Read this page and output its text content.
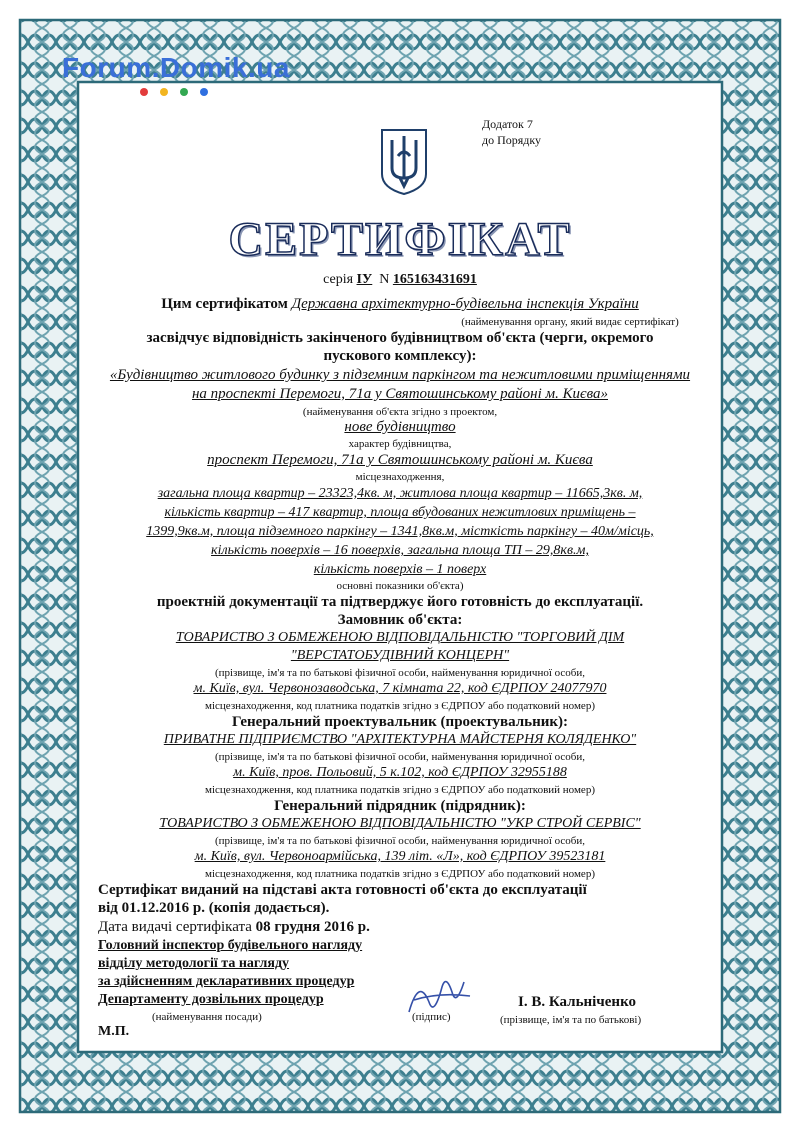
Forum.Domik.ua
Додаток 7
до Порядку
СЕРТИФІКАТ
серія ІУ N 165163431691
Цим сертифікатом Державна архітектурно-будівельна інспекція України
(найменування органу, який видає сертифікат)
засвідчує відповідність закінченого будівництвом об'єкта (черги, окремого
пускового комплексу):
«Будівництво житлового будинку з підземним паркінгом та нежитловими приміщеннями
на проспекті Перемоги, 71а у Святошинському районі м. Києва»
(найменування об'єкта згідно з проектом,
нове будівництво
характер будівництва,
проспект Перемоги, 71а у Святошинському районі м. Києва
місцезнаходження,
загальна площа квартир – 23323,4кв. м, житлова площа квартир – 11665,3кв. м,
кількість квартир – 417 квартир, площа вбудованих нежитлових приміщень –
1399,9кв.м, площа підземного паркінгу – 1341,8кв.м, місткість паркінгу – 40м/місць,
кількість поверхів – 16 поверхів, загальна площа ТП – 29,8кв.м,
кількість поверхів – 1 поверх
основні показники об'єкта)
проектній документації та підтверджує його готовність до експлуатації.
Замовник об'єкта:
ТОВАРИСТВО З ОБМЕЖЕНОЮ ВІДПОВІДАЛЬНІСТЮ "ТОРГОВИЙ ДІМ
"ВЕРСТАТОБУДІВНИЙ КОНЦЕРН"
(прізвище, ім'я та по батькові фізичної особи, найменування юридичної особи,
м. Київ, вул. Червонозаводська, 7 кімната 22, код ЄДРПОУ 24077970
місцезнаходження, код платника податків згідно з ЄДРПОУ або податковий номер)
Генеральний проектувальник (проектувальник):
ПРИВАТНЕ ПІДПРИЄМСТВО "АРХІТЕКТУРНА МАЙСТЕРНЯ КОЛЯДЕНКО"
(прізвище, ім'я та по батькові фізичної особи, найменування юридичної особи,
м. Київ, пров. Польовий, 5 к.102, код ЄДРПОУ 32955188
місцезнаходження, код платника податків згідно з ЄДРПОУ або податковий номер)
Генеральний підрядник (підрядник):
ТОВАРИСТВО З ОБМЕЖЕНОЮ ВІДПОВІДАЛЬНІСТЮ "УКР СТРОЙ СЕРВІС"
(прізвище, ім'я та по батькові фізичної особи, найменування юридичної особи,
м. Київ, вул. Червоноармійська, 139 літ. «Л», код ЄДРПОУ 39523181
місцезнаходження, код платника податків згідно з ЄДРПОУ або податковий номер)
Сертифікат виданий на підставі акта готовності об'єкта до експлуатації
від 01.12.2016 р. (копія додається).
Дата видачі сертифіката 08 грудня 2016 р.
Головний інспектор будівельного нагляду
відділу методології та нагляду
за здійсненням декларативних процедур
Департаменту дозвільних процедур
(найменування посади)	(підпис)
І. В. Кальніченко
(прізвище, ім'я та по батькові)
М.П.
